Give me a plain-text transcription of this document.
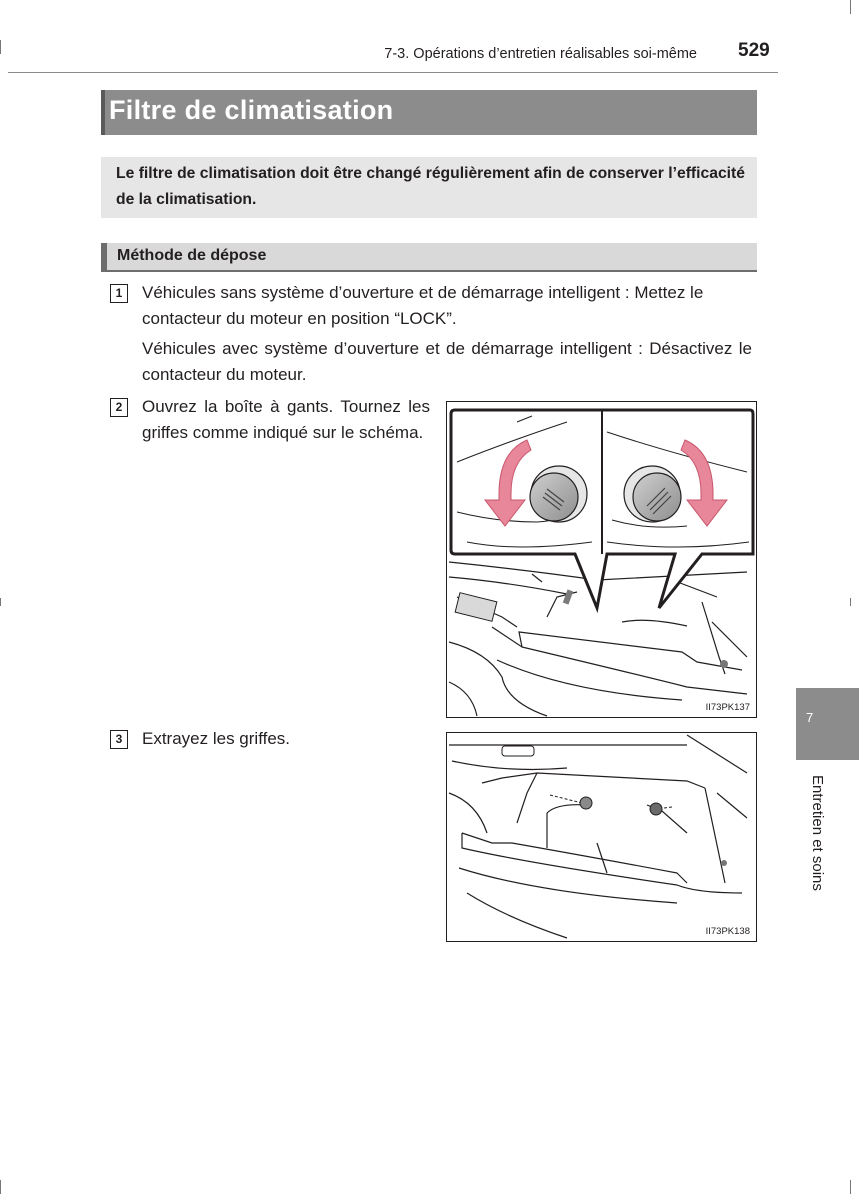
7-3. Opérations d’entretien réalisables soi-même 529
Filtre de climatisation
Le filtre de climatisation doit être changé régulièrement afin de conserver l’efficacité de la climatisation.
Méthode de dépose
1	Véhicules sans système d’ouverture et de démarrage intelligent : Mettez le contacteur du moteur en position “LOCK”.
Véhicules avec système d’ouverture et de démarrage intelligent : Désactivez le contacteur du moteur.
2	Ouvrez la boîte à gants. Tournez les griffes comme indiqué sur le schéma.
II73PK137
3	Extrayez les griffes.
II73PK138
7
Entretien et soins
